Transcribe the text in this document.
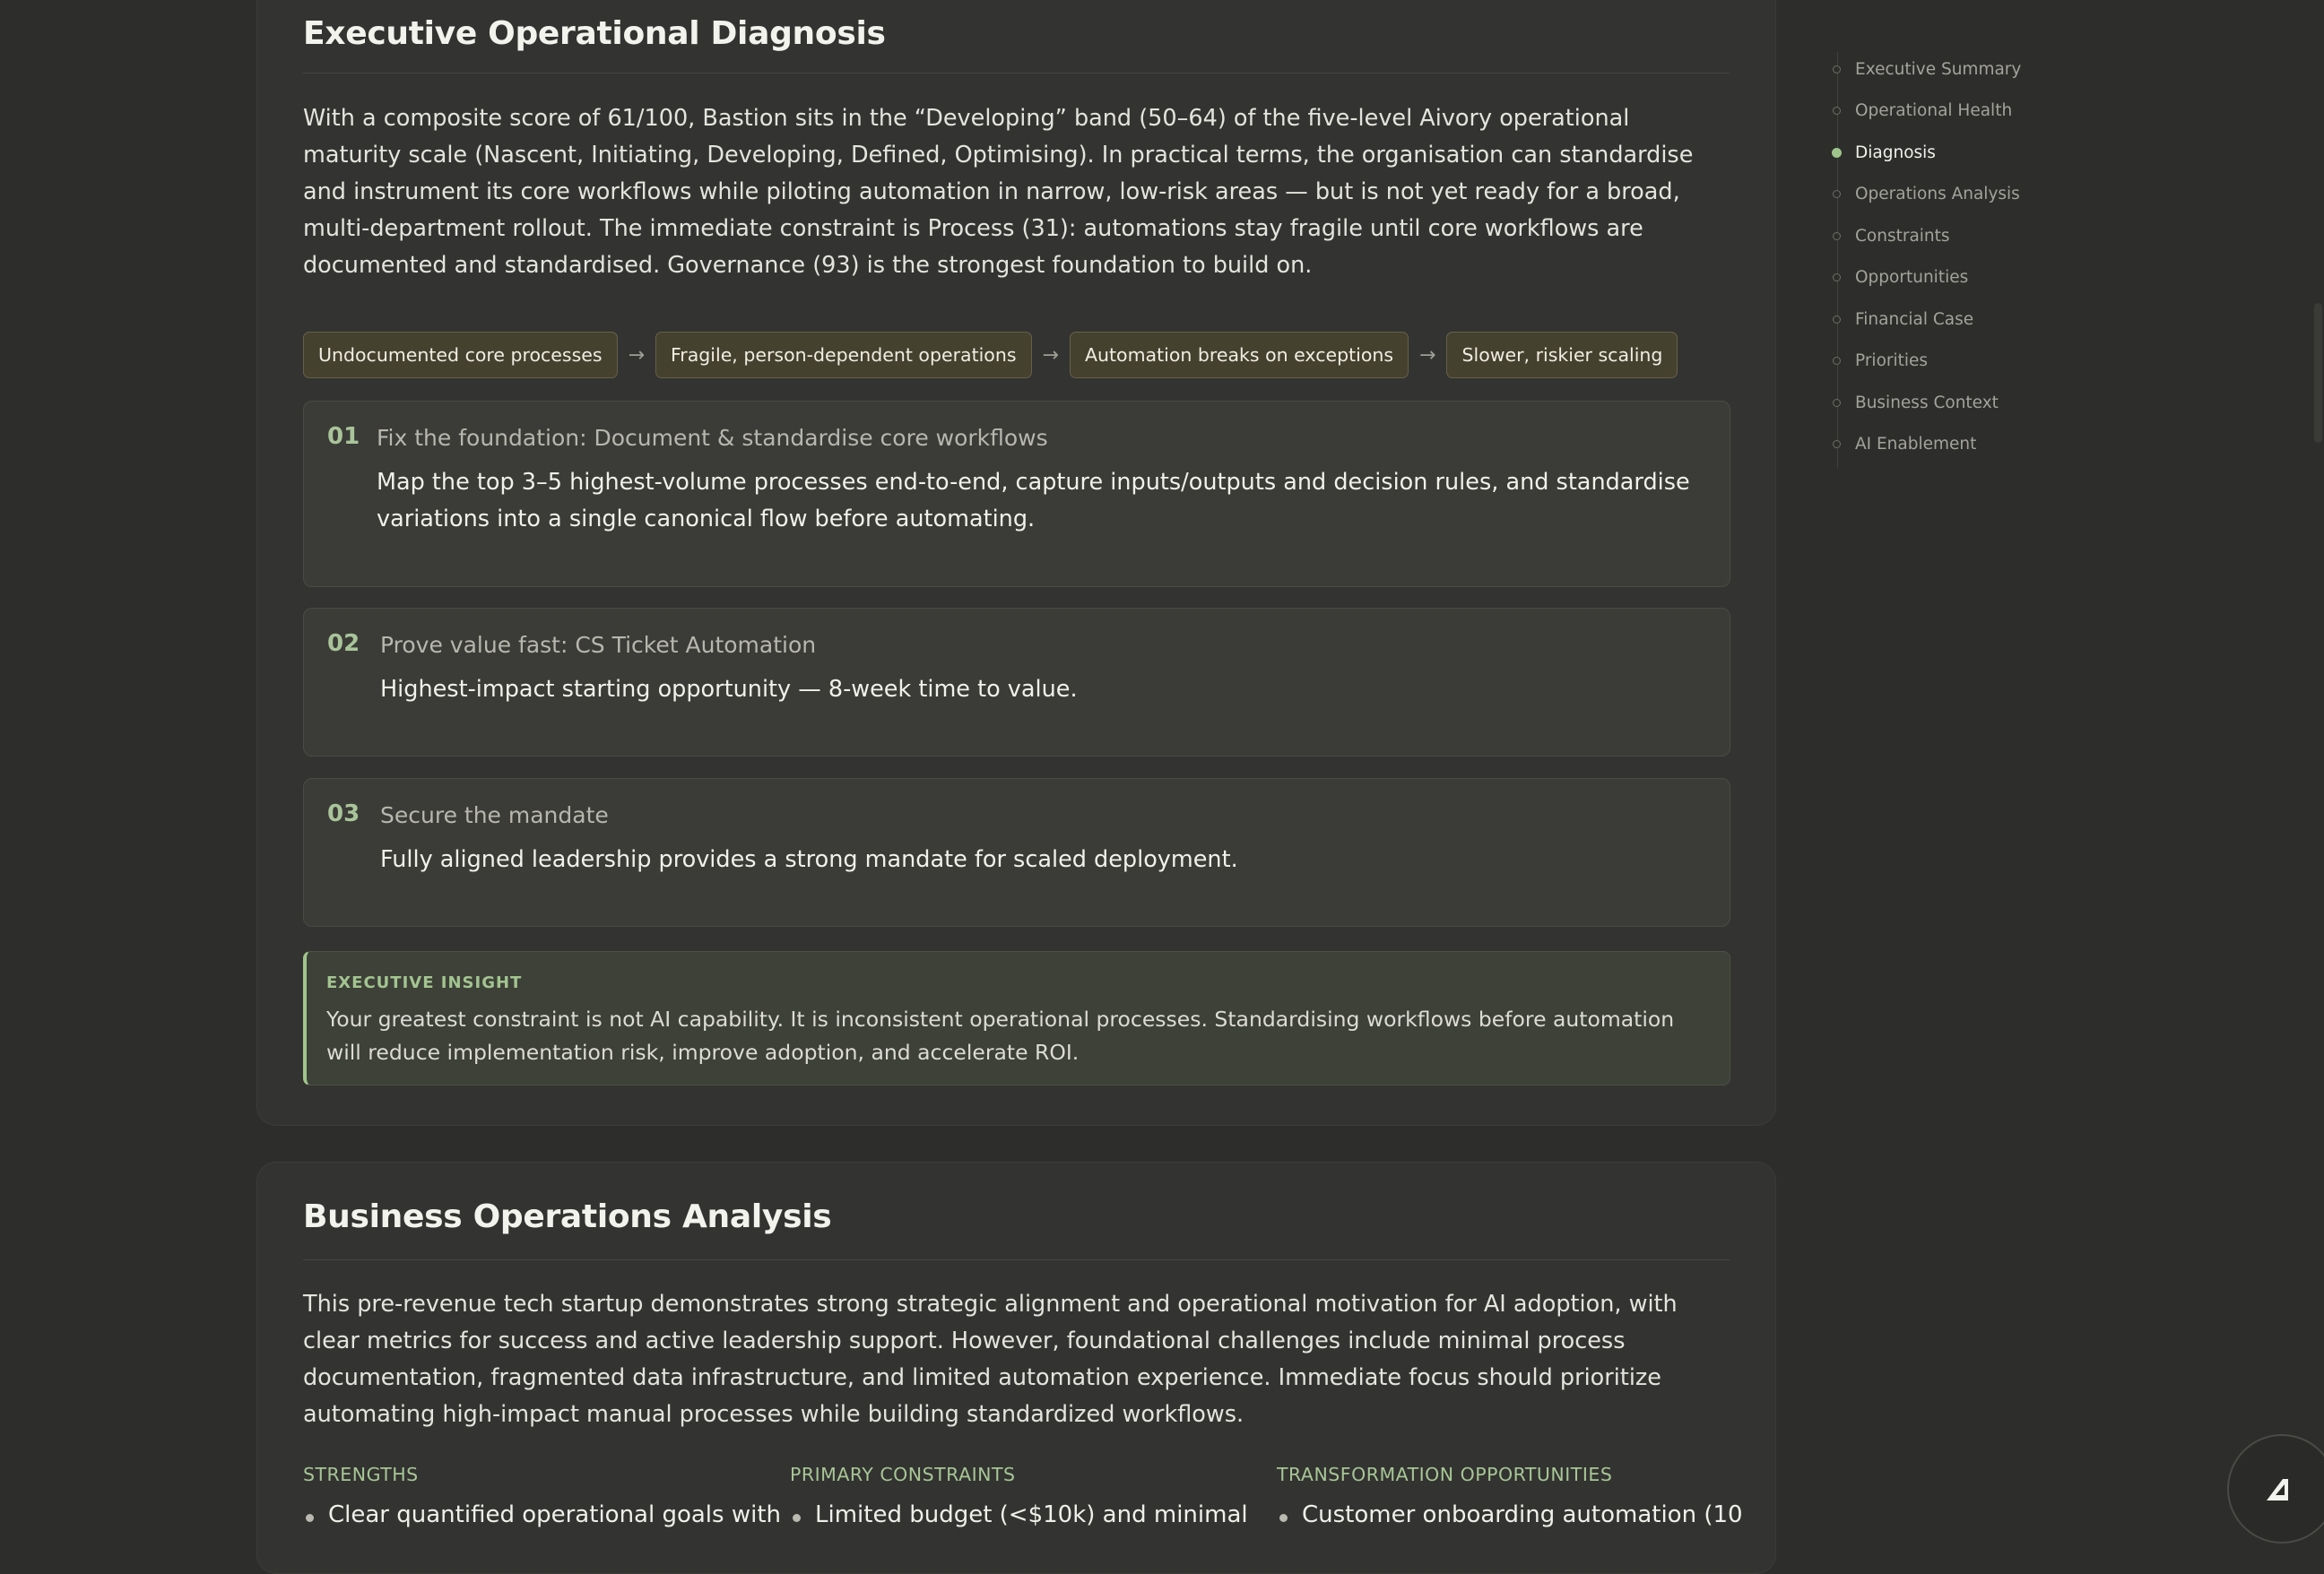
Executive Operational Diagnosis

With a composite score of 61/100, Bastion sits in the “Developing” band (50–64) of the five-level Aivory operational maturity scale (Nascent, Initiating, Developing, Defined, Optimising). In practical terms, the organisation can standardise and instrument its core workflows while piloting automation in narrow, low-risk areas — but is not yet ready for a broad, multi-department rollout. The immediate constraint is Process (31): automations stay fragile until core workflows are documented and standardised. Governance (93) is the strongest foundation to build on.

Undocumented core processes	→	Fragile, person-dependent operations	→	Automation breaks on exceptions	→	Slower, riskier scaling
01 Fix the foundation: Document & standardise core workflows

Map the top 3–5 highest-volume processes end-to-end, capture inputs/outputs and decision rules, and standardise variations into a single canonical flow before automating.

02 Prove value fast: CS Ticket Automation

Highest-impact starting opportunity — 8-week time to value.

03 Secure the mandate

Fully aligned leadership provides a strong mandate for scaled deployment.

EXECUTIVE INSIGHT

Your greatest constraint is not AI capability. It is inconsistent operational processes. Standardising workflows before automation will reduce implementation risk, improve adoption, and accelerate ROI.

Business Operations Analysis

This pre-revenue tech startup demonstrates strong strategic alignment and operational motivation for AI adoption, with clear metrics for success and active leadership support. However, foundational challenges include minimal process documentation, fragmented data infrastructure, and limited automation experience. Immediate focus should prioritize automating high-impact manual processes while building standardized workflows.

STRENGTHS
Clear quantified operational goals with
PRIMARY CONSTRAINTS
Limited budget (<$10k) and minimal
TRANSFORMATION OPPORTUNITIES
Customer onboarding automation (10
Executive Summary
Operational Health
Diagnosis
Operations Analysis
Constraints
Opportunities
Financial Case
Priorities
Business Context
AI Enablement
